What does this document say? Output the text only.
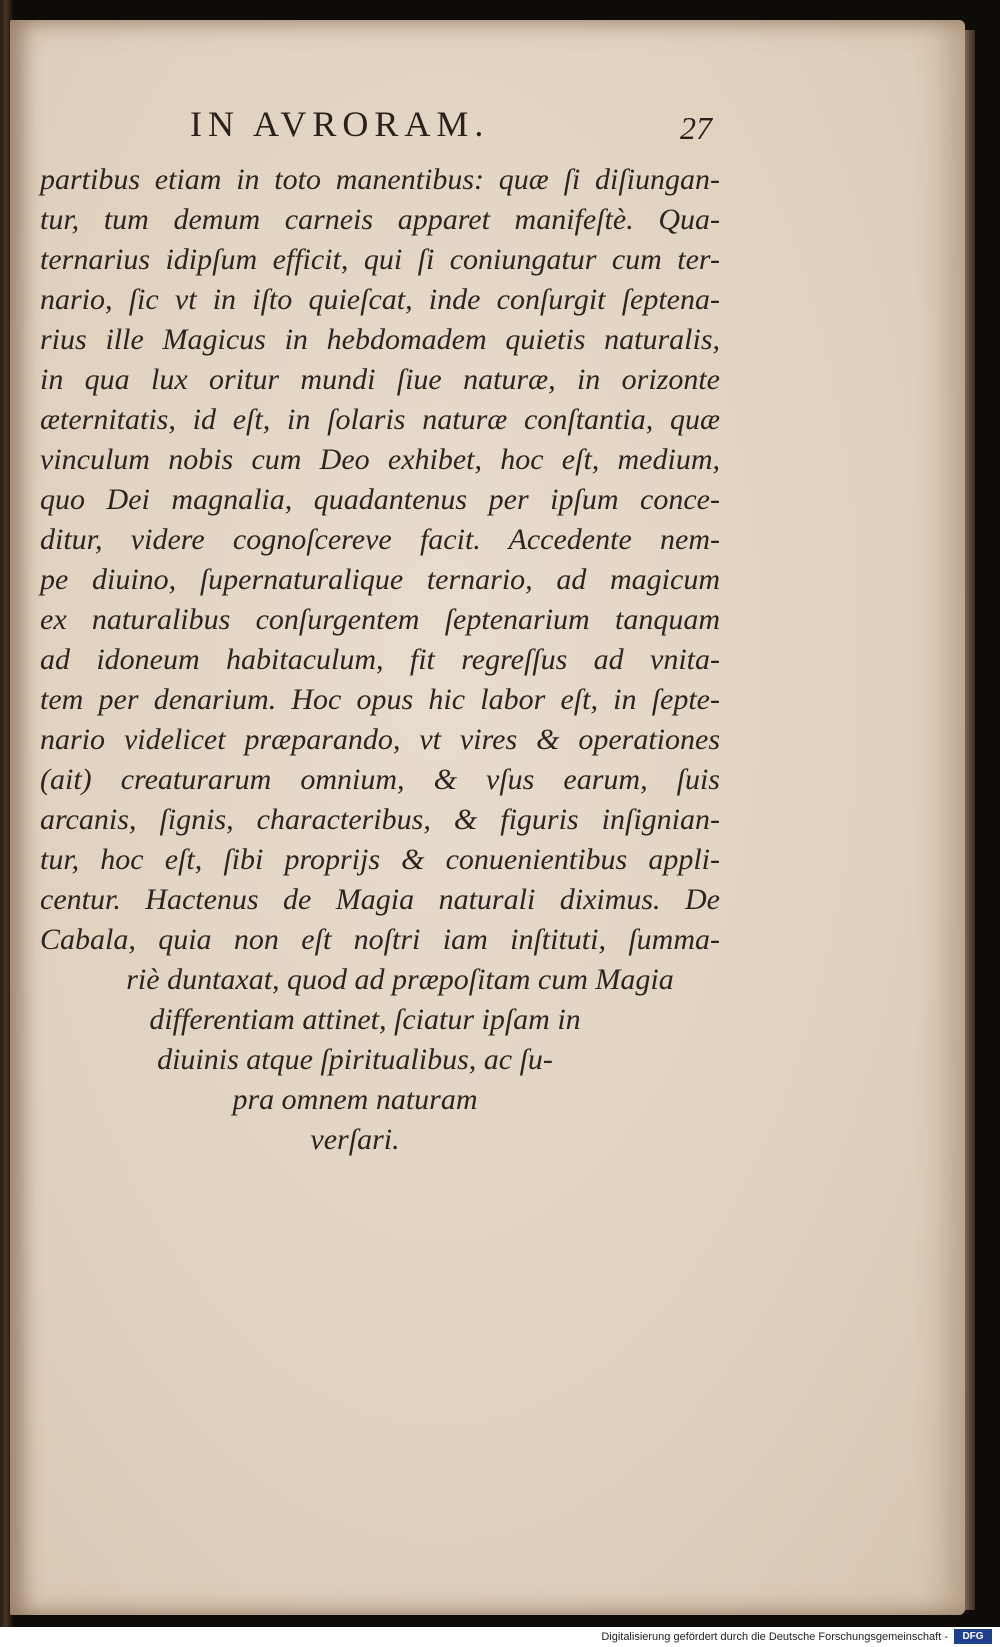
IN AVRORAM.	27
partibus etiam in toto manentibus: quæ ſi diſiungan-
tur, tum demum carneis apparet manifeſtè. Qua-
ternarius idipſum efficit, qui ſi coniungatur cum ter-
nario, ſic vt in iſto quieſcat, inde conſurgit ſeptena-
rius ille Magicus in hebdomadem quietis naturalis,
in qua lux oritur mundi ſiue naturæ, in orizonte
æternitatis, id eſt, in ſolaris naturæ conſtantia, quæ
vinculum nobis cum Deo exhibet, hoc eſt, medium,
quo Dei magnalia, quadantenus per ipſum conce-
ditur, videre cognoſcereve facit. Accedente nem-
pe diuino, ſupernaturalique ternario, ad magicum
ex naturalibus conſurgentem ſeptenarium tanquam
ad idoneum habitaculum, fit regreſſus ad vnita-
tem per denarium. Hoc opus hic labor eſt, in ſepte-
nario videlicet præparando, vt vires & operationes
(ait) creaturarum omnium, & vſus earum, ſuis
arcanis, ſignis, characteribus, & figuris inſignian-
tur, hoc eſt, ſibi proprijs & conuenientibus appli-
centur. Hactenus de Magia naturali diximus. De
Cabala, quia non eſt noſtri iam inſtituti, ſumma-
riè duntaxat, quod ad præpoſitam cum Magia
differentiam attinet, ſciatur ipſam in
diuinis atque ſpiritualibus, ac ſu-
pra omnem naturam
verſari.
Digitalisierung gefördert durch die Deutsche Forschungsgemeinschaft -	DFG
